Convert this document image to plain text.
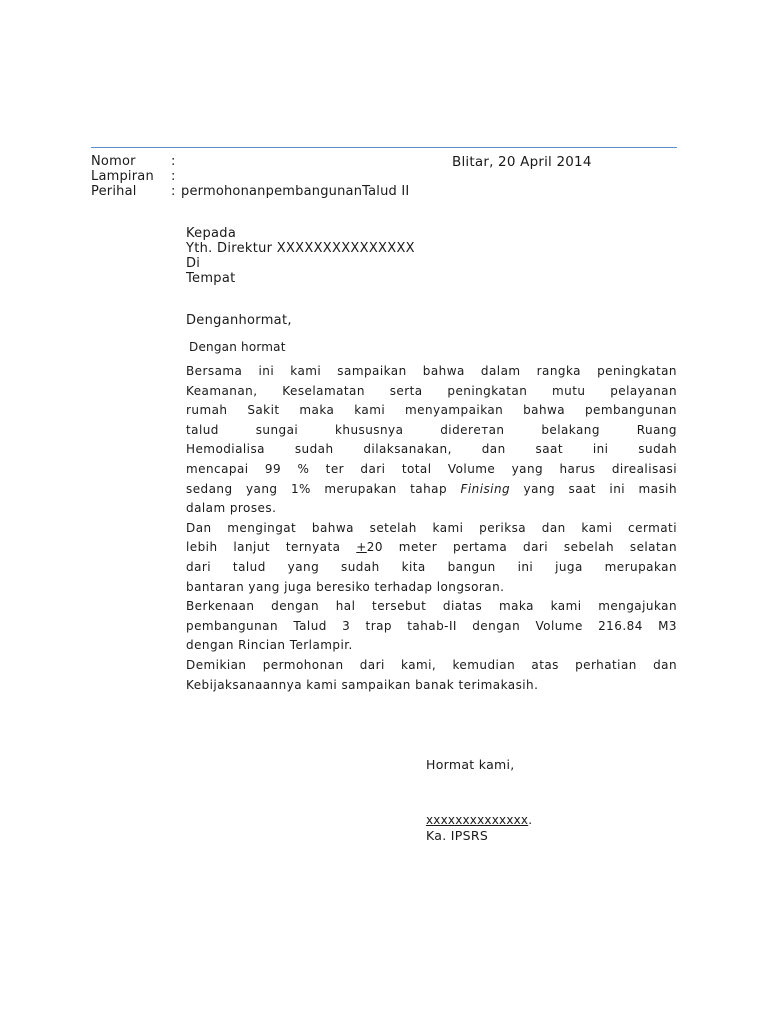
Nomor	:	Blitar, 20 April 2014
Lampiran :
Perihal	: permohonanpembangunanTalud II
Kepada
Yth. Direktur XXXXXXXXXXXXXXX
Di
Tempat
Denganhormat,
Dengan hormat

Bersama ini kami sampaikan bahwa dalam rangka peningkatan
Keamanan, Keselamatan serta peningkatan mutu pelayanan
rumah Sakit maka kami menyampaikan bahwa pembangunan
talud sungai khususnya diderетan belakang Ruang
Hemodialisa sudah dilaksanakan, dan saat ini sudah
mencapai 99 % ter dari total Volume yang harus direalisasi
sedang yang 1% merupakan tahap Finising yang saat ini masih
dalam proses.

Dan mengingat bahwa setelah kami periksa dan kami cermati
lebih lanjut ternyata +20 meter pertama dari sebelah selatan
dari talud yang sudah kita bangun ini juga merupakan
bantaran yang juga beresiko terhadap longsoran.

Berkenaan dengan hal tersebut diatas maka kami mengajukan
pembangunan Talud 3 trap tahab-II dengan Volume 216.84 M3
dengan Rincian Terlampir.

Demikian permohonan dari kami, kemudian atas perhatian dan
Kebijaksanaannya kami sampaikan banak terimakasih.

Hormat kami,
xxxxxxxxxxxxxx.
Ka. IPSRS
